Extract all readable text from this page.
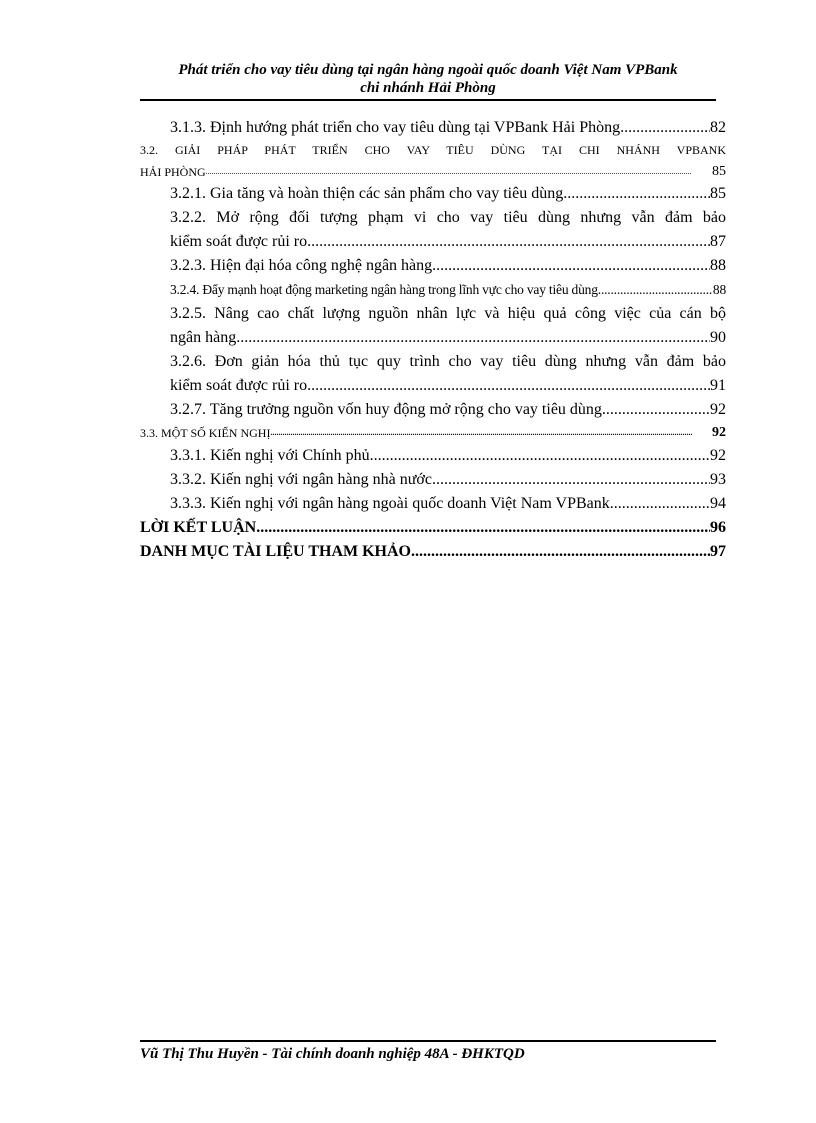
Phát triển cho vay tiêu dùng tại ngân hàng ngoài quốc doanh Việt Nam VPBank
chi nhánh Hải Phòng
3.1.3. Định hướng phát triển cho vay tiêu dùng tại VPBank Hải Phòng .....	82
3.2. GIẢI PHÁP PHÁT TRIỂN CHO VAY TIÊU DÙNG TẠI CHI NHÁNH VPBANK
HẢI PHÒNG .....	85
3.2.1. Gia tăng và hoàn thiện các sản phẩm cho vay tiêu dùng .....	85
3.2.2. Mở rộng đối tượng phạm vi cho vay tiêu dùng nhưng vẫn đảm bảo
kiểm soát được rủi ro .....	87
3.2.3. Hiện đại hóa công nghệ ngân hàng .....	88
3.2.4. Đẩy mạnh hoạt động marketing ngân hàng trong lĩnh vực cho vay tiêu dùng .....	88
3.2.5. Nâng cao chất lượng nguồn nhân lực và hiệu quả công việc của cán bộ
ngân hàng .....	90
3.2.6. Đơn giản hóa thủ tục quy trình cho vay tiêu dùng nhưng vẫn đảm bảo
kiểm soát được rủi ro .....	91
3.2.7. Tăng trưởng nguồn vốn huy động mở rộng cho vay tiêu dùng .....	92
3.3. MỘT SỐ KIẾN NGHỊ .....	92
3.3.1. Kiến nghị với Chính phủ .....	92
3.3.2. Kiến nghị với ngân hàng nhà nước .....	93
3.3.3. Kiến nghị với ngân hàng ngoài quốc doanh Việt Nam VPBank .....	94
LỜI KẾT LUẬN .....	96
DANH MỤC TÀI LIỆU THAM KHẢO .....	97
Vũ Thị Thu Huyền - Tài chính doanh nghiệp 48A - ĐHKTQD
